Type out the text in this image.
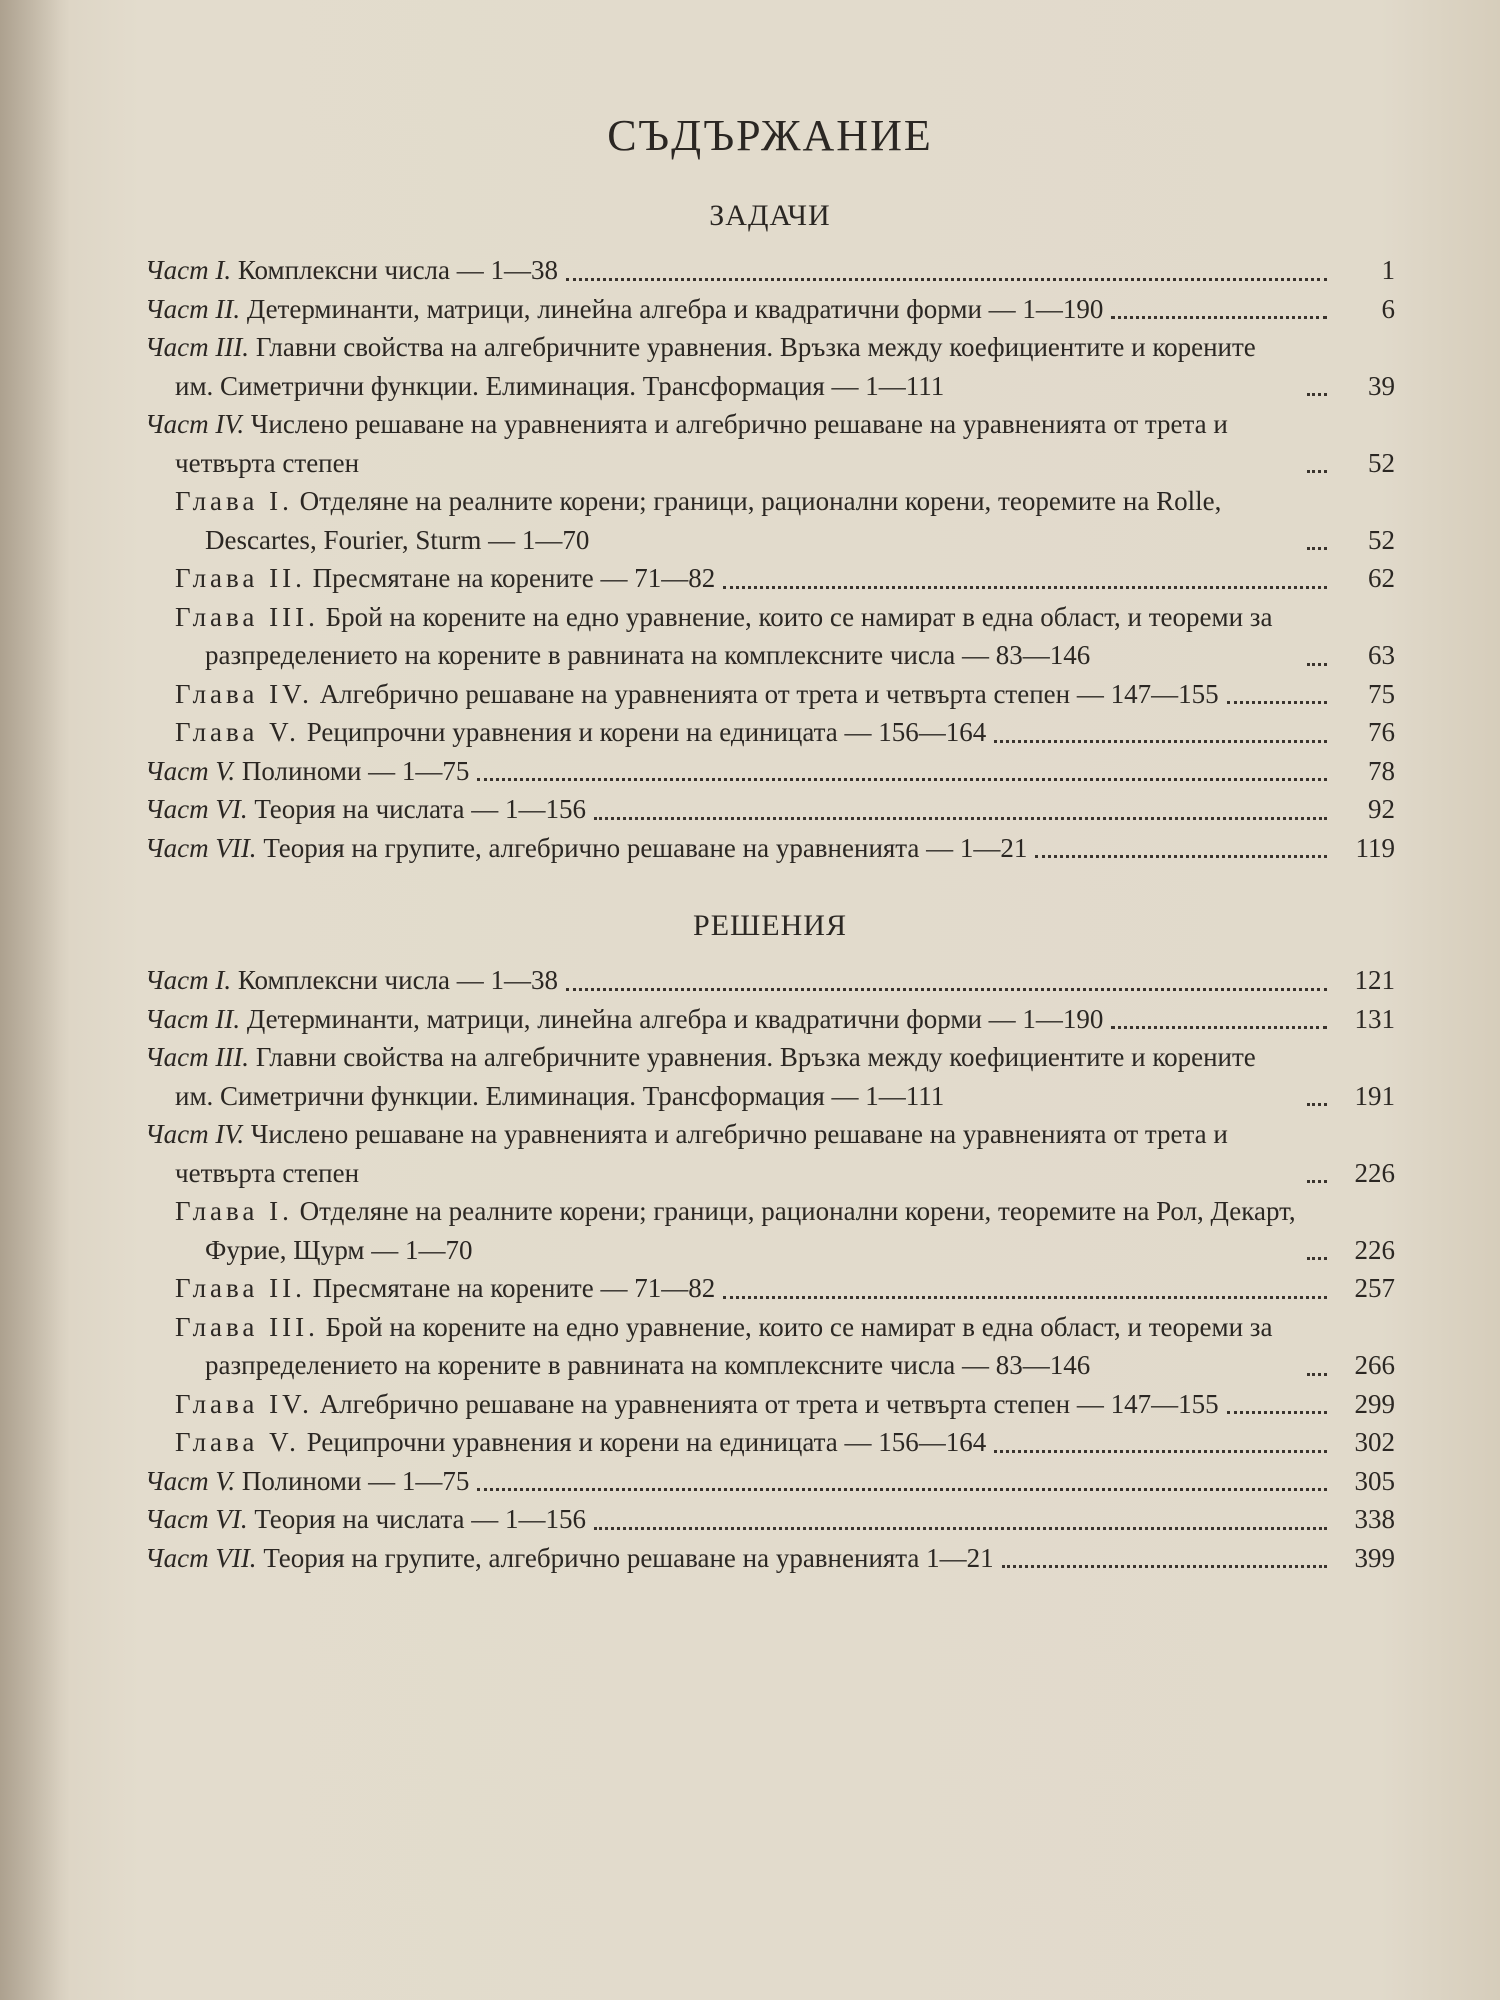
СЪДЪРЖАНИЕ
ЗАДАЧИ
Част I. Комплексни числа — 1—38	1
Част II. Детерминанти, матрици, линейна алгебра и квадратични форми — 1—190	6
Част III. Главни свойства на алгебричните уравнения. Връзка между коефициентите и корените им. Симетрични функции. Елиминация. Трансформация — 1—111	39
Част IV. Числено решаване на уравненията и алгебрично решаване на уравненията от трета и четвърта степен	52
Глава I. Отделяне на реалните корени; граници, рационални корени, теоремите на Rolle, Descartes, Fourier, Sturm — 1—70	52
Глава II. Пресмятане на корените — 71—82	62
Глава III. Брой на корените на едно уравнение, които се намират в една област, и теореми за разпределението на корените в равнината на комплексните числа — 83—146	63
Глава IV. Алгебрично решаване на уравненията от трета и четвърта степен — 147—155	75
Глава V. Реципрочни уравнения и корени на единицата — 156—164	76
Част V. Полиноми — 1—75	78
Част VI. Теория на числата — 1—156	92
Част VII. Теория на групите, алгебрично решаване на уравненията — 1—21	119
РЕШЕНИЯ
Част I. Комплексни числа — 1—38	121
Част II. Детерминанти, матрици, линейна алгебра и квадратични форми — 1—190	131
Част III. Главни свойства на алгебричните уравнения. Връзка между коефициентите и корените им. Симетрични функции. Елиминация. Трансформация — 1—111	191
Част IV. Числено решаване на уравненията и алгебрично решаване на уравненията от трета и четвърта степен	226
Глава I. Отделяне на реалните корени; граници, рационални корени, теоремите на Рол, Декарт, Фурие, Щурм — 1—70	226
Глава II. Пресмятане на корените — 71—82	257
Глава III. Брой на корените на едно уравнение, които се намират в една област, и теореми за разпределението на корените в равнината на комплексните числа — 83—146	266
Глава IV. Алгебрично решаване на уравненията от трета и четвърта степен — 147—155	299
Глава V. Реципрочни уравнения и корени на единицата — 156—164	302
Част V. Полиноми — 1—75	305
Част VI. Теория на числата — 1—156	338
Част VII. Теория на групите, алгебрично решаване на уравненията 1—21	399
